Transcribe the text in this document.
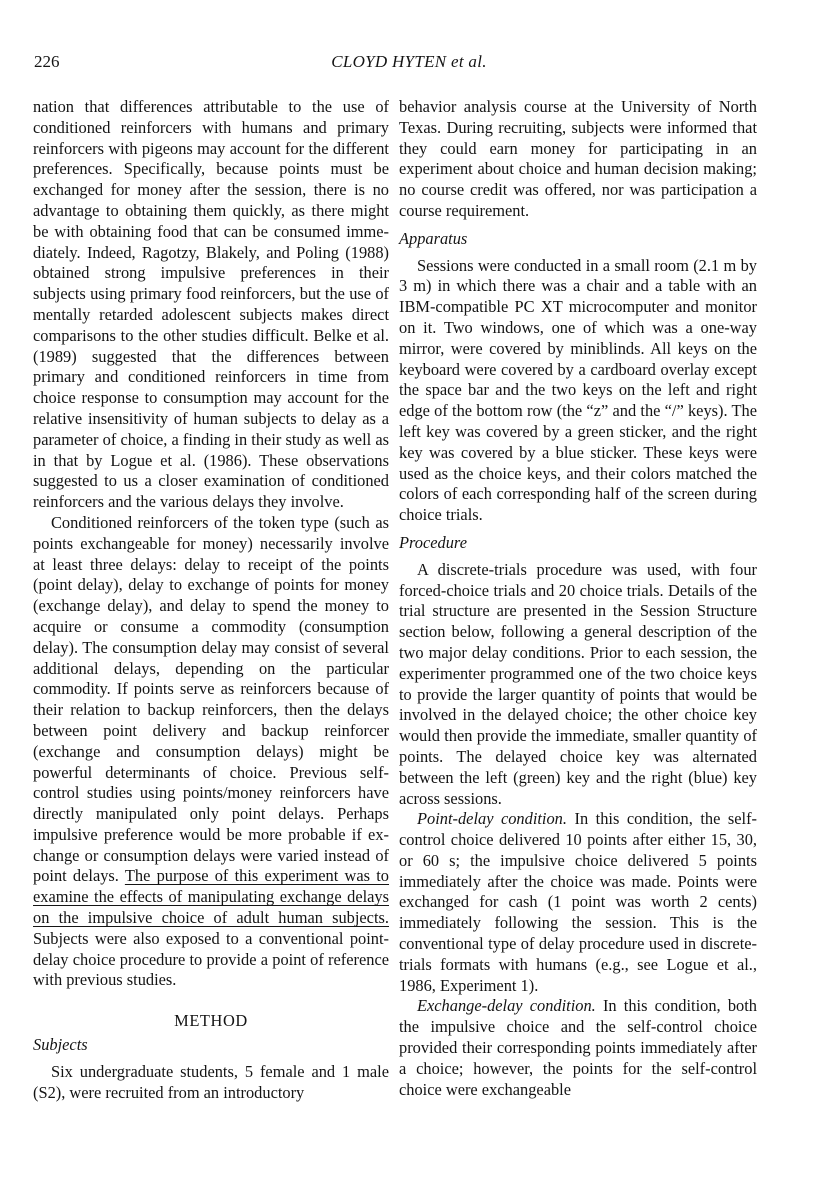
226	CLOYD HYTEN et al.

nation that differences attributable to the use of conditioned reinforcers with humans and primary reinforcers with pigeons may account for the different preferences. Specifically, because points must be exchanged for money after the session, there is no advantage to obtaining them quickly, as there might be with obtaining food that can be consumed immediately. Indeed, Ragotzy, Blakely, and Poling (1988) obtained strong impulsive preferences in their subjects using primary food reinforcers, but the use of mentally retarded adolescent subjects makes direct comparisons to the other studies difficult. Belke et al. (1989) suggested that the differences between primary and conditioned reinforcers in time from choice response to consumption may account for the relative insensitivity of human subjects to delay as a parameter of choice, a finding in their study as well as in that by Logue et al. (1986). These observations suggested to us a closer examination of conditioned reinforcers and the various delays they involve.

Conditioned reinforcers of the token type (such as points exchangeable for money) necessarily involve at least three delays: delay to receipt of the points (point delay), delay to exchange of points for money (exchange delay), and delay to spend the money to acquire or consume a commodity (consumption delay). The consumption delay may consist of several additional delays, depending on the particular commodity. If points serve as reinforcers because of their relation to backup reinforcers, then the delays between point delivery and backup reinforcer (exchange and consumption delays) might be powerful determinants of choice. Previous self-control studies using points/money reinforcers have directly manipulated only point delays. Perhaps impulsive preference would be more probable if exchange or consumption delays were varied instead of point delays. The purpose of this experiment was to examine the effects of manipulating exchange delays on the impulsive choice of adult human subjects. Subjects were also exposed to a conventional point-delay choice procedure to provide a point of reference with previous studies.

METHOD
Subjects

Six undergraduate students, 5 female and 1 male (S2), were recruited from an introductory

behavior analysis course at the University of North Texas. During recruiting, subjects were informed that they could earn money for participating in an experiment about choice and human decision making; no course credit was offered, nor was participation a course requirement.

Apparatus

Sessions were conducted in a small room (2.1 m by 3 m) in which there was a chair and a table with an IBM-compatible PC XT microcomputer and monitor on it. Two windows, one of which was a one-way mirror, were covered by miniblinds. All keys on the keyboard were covered by a cardboard overlay except the space bar and the two keys on the left and right edge of the bottom row (the “z” and the “/” keys). The left key was covered by a green sticker, and the right key was covered by a blue sticker. These keys were used as the choice keys, and their colors matched the colors of each corresponding half of the screen during choice trials.

Procedure

A discrete-trials procedure was used, with four forced-choice trials and 20 choice trials. Details of the trial structure are presented in the Session Structure section below, following a general description of the two major delay conditions. Prior to each session, the experimenter programmed one of the two choice keys to provide the larger quantity of points that would be involved in the delayed choice; the other choice key would then provide the immediate, smaller quantity of points. The delayed choice key was alternated between the left (green) key and the right (blue) key across sessions.

Point-delay condition. In this condition, the self-control choice delivered 10 points after either 15, 30, or 60 s; the impulsive choice delivered 5 points immediately after the choice was made. Points were exchanged for cash (1 point was worth 2 cents) immediately following the session. This is the conventional type of delay procedure used in discrete-trials formats with humans (e.g., see Logue et al., 1986, Experiment 1).

Exchange-delay condition. In this condition, both the impulsive choice and the self-control choice provided their corresponding points immediately after a choice; however, the points for the self-control choice were exchangeable
